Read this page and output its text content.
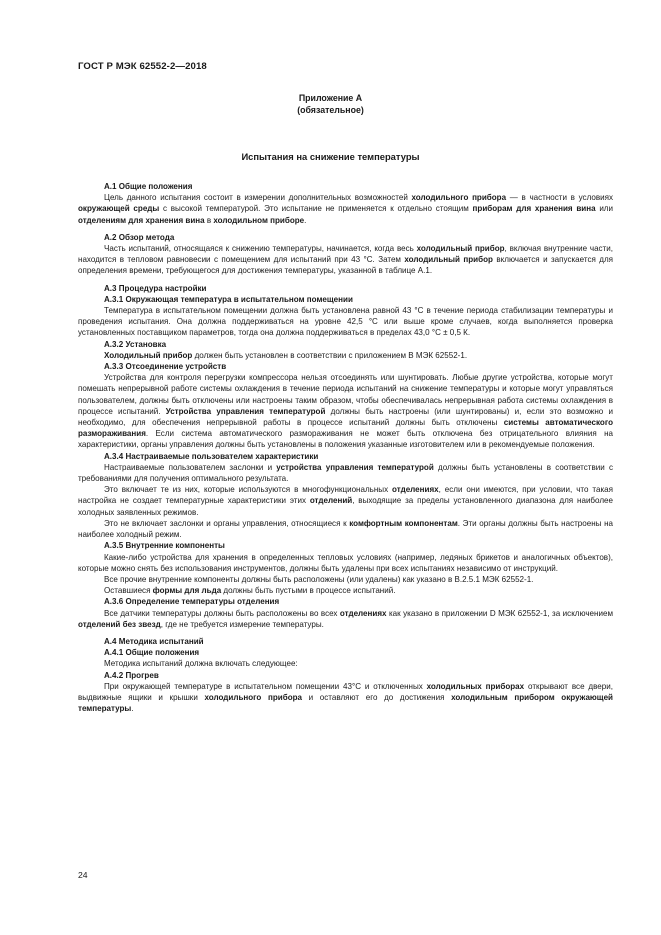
ГОСТ Р МЭК 62552-2—2018
Приложение А
(обязательное)
Испытания на снижение температуры
А.1 Общие положения

Цель данного испытания состоит в измерении дополнительных возможностей холодильного прибора — в частности в условиях окружающей среды с высокой температурой. Это испытание не применяется к отдельно стоящим приборам для хранения вина или отделениям для хранения вина в холодильном приборе.

А.2 Обзор метода

Часть испытаний, относящаяся к снижению температуры, начинается, когда весь холодильный прибор, включая внутренние части, находится в тепловом равновесии с помещением для испытаний при 43 °С. Затем холодильный прибор включается и запускается для определения времени, требующегося для достижения температуры, указанной в таблице А.1.

А.3 Процедура настройки
А.3.1 Окружающая температура в испытательном помещении

Температура в испытательном помещении должна быть установлена равной 43 °С в течение периода стабилизации температуры и проведения испытания. Она должна поддерживаться на уровне 42,5 °С или выше кроме случаев, когда выполняется проверка установленных поставщиком параметров, тогда она должна поддерживаться в пределах 43,0 °С ± 0,5 К.

А.3.2 Установка

Холодильный прибор должен быть установлен в соответствии с приложением В МЭК 62552-1.

А.3.3 Отсоединение устройств

Устройства для контроля перегрузки компрессора нельзя отсоединять или шунтировать. Любые другие устройства, которые могут помешать непрерывной работе системы охлаждения в течение периода испытаний на снижение температуры и которые могут управляться пользователем, должны быть отключены или настроены таким образом, чтобы обеспечивалась непрерывная работа системы охлаждения в процессе испытаний. Устройства управления температурой должны быть настроены (или шунтированы) и, если это возможно и необходимо, для обеспечения непрерывной работы в процессе испытаний должны быть отключены системы автоматического размораживания. Если система автоматического размораживания не может быть отключена без отрицательного влияния на характеристики, органы управления должны быть установлены в положения указанные изготовителем или в рекомендуемые положения.

А.3.4 Настраиваемые пользователем характеристики

Настраиваемые пользователем заслонки и устройства управления температурой должны быть установлены в соответствии с требованиями для получения оптимального результата.

Это включает те из них, которые используются в многофункциональных отделениях, если они имеются, при условии, что такая настройка не создает температурные характеристики этих отделений, выходящие за пределы установленного диапазона для наиболее холодных заявленных режимов.

Это не включает заслонки и органы управления, относящиеся к комфортным компонентам. Эти органы должны быть настроены на наиболее холодный режим.

А.3.5 Внутренние компоненты

Какие-либо устройства для хранения в определенных тепловых условиях (например, ледяных брикетов и аналогичных объектов), которые можно снять без использования инструментов, должны быть удалены при всех испытаниях независимо от инструкций.

Все прочие внутренние компоненты должны быть расположены (или удалены) как указано в В.2.5.1 МЭК 62552-1.

Оставшиеся формы для льда должны быть пустыми в процессе испытаний.

А.3.6 Определение температуры отделения

Все датчики температуры должны быть расположены во всех отделениях как указано в приложении D МЭК 62552-1, за исключением отделений без звезд, где не требуется измерение температуры.

А.4 Методика испытаний
А.4.1 Общие положения

Методика испытаний должна включать следующее:

А.4.2 Прогрев

При окружающей температуре в испытательном помещении 43°С и отключенных холодильных приборах открывают все двери, выдвижные ящики и крышки холодильного прибора и оставляют его до достижения холодильным прибором окружающей температуры.

24
